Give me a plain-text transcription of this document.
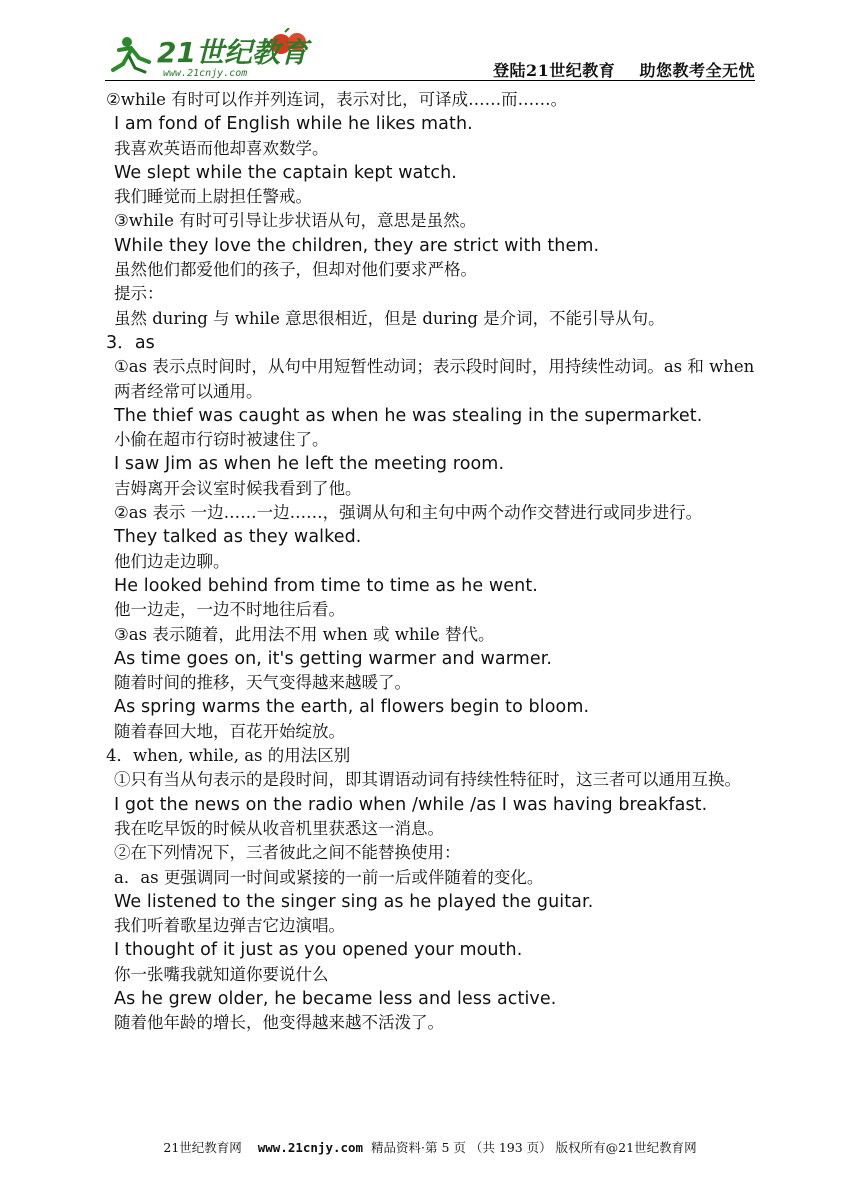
21世纪教育
www.21cnjy.com	登陆21世纪教育    助您教考全无忧
②while 有时可以作并列连词，表示对比，可译成……而……。
I am fond of English while he likes math.
我喜欢英语而他却喜欢数学。
We slept while the captain kept watch.
我们睡觉而上尉担任警戒。
③while 有时可引导让步状语从句，意思是虽然。
While they love the children, they are strict with them.
虽然他们都爱他们的孩子，但却对他们要求严格。
提示：
虽然 during 与 while 意思很相近，但是 during 是介词，不能引导从句。
3．as
①as 表示点时间时，从句中用短暂性动词；表示段时间时，用持续性动词。as 和 when 两者经常可以通用。
The thief was caught as when he was stealing in the supermarket.
小偷在超市行窃时被逮住了。
I saw Jim as when he left the meeting room.
吉姆离开会议室时候我看到了他。
②as 表示 一边……一边……，强调从句和主句中两个动作交替进行或同步进行。
They talked as they walked.
他们边走边聊。
He looked behind from time to time as he went.
他一边走，一边不时地往后看。
③as 表示随着，此用法不用 when 或 while 替代。
As time goes on, it's getting warmer and warmer.
随着时间的推移，天气变得越来越暖了。
As spring warms the earth, al flowers begin to bloom.
随着春回大地，百花开始绽放。
4．when, while, as 的用法区别
①只有当从句表示的是段时间，即其谓语动词有持续性特征时，这三者可以通用互换。
I got the news on the radio when /while /as I was having breakfast.
我在吃早饭的时候从收音机里获悉这一消息。
②在下列情况下，三者彼此之间不能替换使用：
a．as 更强调同一时间或紧接的一前一后或伴随着的变化。
We listened to the singer sing as he played the guitar.
我们听着歌星边弹吉它边演唱。
I thought of it just as you opened your mouth.
你一张嘴我就知道你要说什么
As he grew older, he became less and less active.
随着他年龄的增长，他变得越来越不活泼了。
21世纪教育网 www.21cnjy.com 精品资料·第 5 页 （共 193 页） 版权所有@21世纪教育网
